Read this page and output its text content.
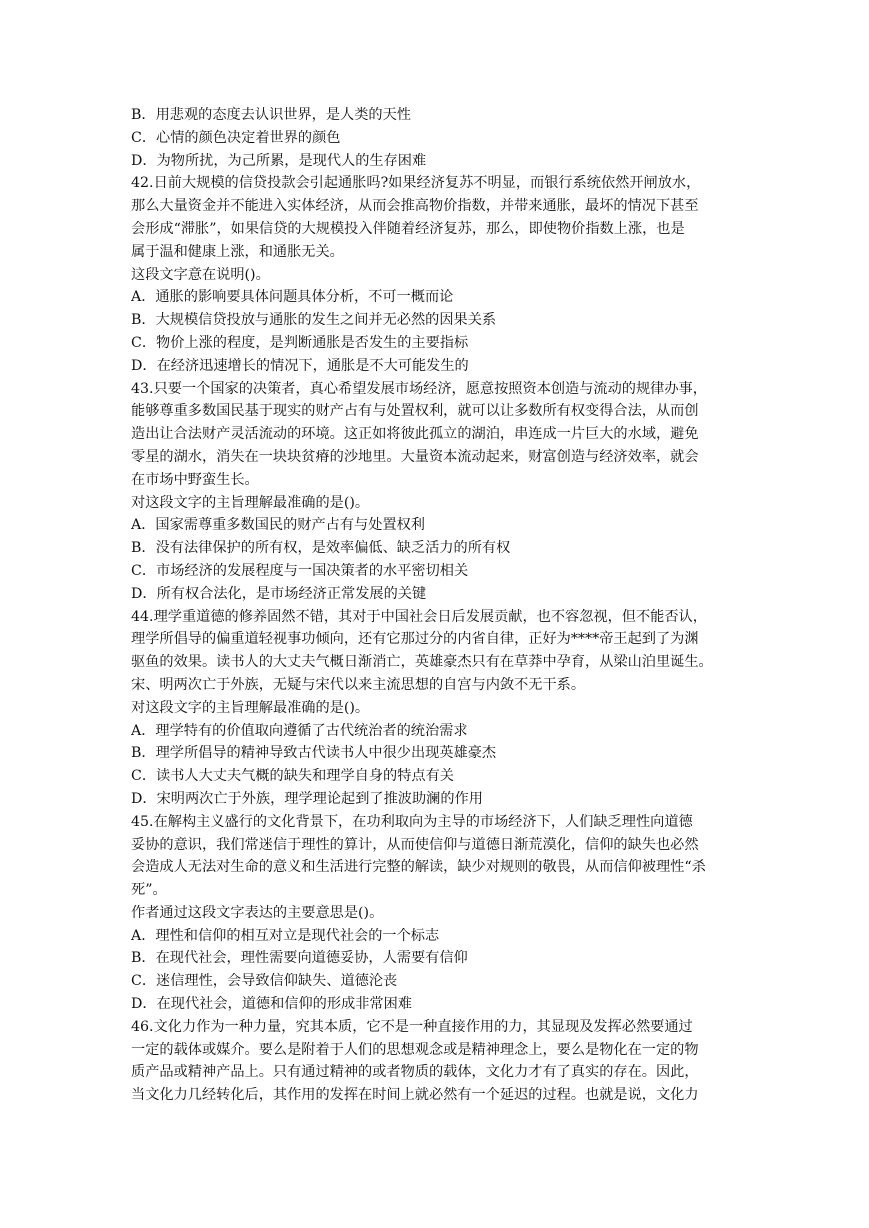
B．用悲观的态度去认识世界，是人类的天性
C．心情的颜色决定着世界的颜色
D．为物所扰，为己所累，是现代人的生存困难
42.日前大规模的信贷投款会引起通胀吗?如果经济复苏不明显，而银行系统依然开闸放水，
那么大量资金并不能进入实体经济，从而会推高物价指数，并带来通胀，最坏的情况下甚至
会形成“滞胀”，如果信贷的大规模投入伴随着经济复苏，那么，即使物价指数上涨，也是
属于温和健康上涨，和通胀无关。
这段文字意在说明()。
A．通胀的影响要具体问题具体分析，不可一概而论
B．大规模信贷投放与通胀的发生之间并无必然的因果关系
C．物价上涨的程度，是判断通胀是否发生的主要指标
D．在经济迅速增长的情况下，通胀是不大可能发生的
43.只要一个国家的决策者，真心希望发展市场经济，愿意按照资本创造与流动的规律办事，
能够尊重多数国民基于现实的财产占有与处置权利，就可以让多数所有权变得合法，从而创
造出让合法财产灵活流动的环境。这正如将彼此孤立的湖泊，串连成一片巨大的水域，避免
零星的湖水，消失在一块块贫瘠的沙地里。大量资本流动起来，财富创造与经济效率，就会
在市场中野蛮生长。
对这段文字的主旨理解最准确的是()。
A．国家需尊重多数国民的财产占有与处置权利
B．没有法律保护的所有权，是效率偏低、缺乏活力的所有权
C．市场经济的发展程度与一国决策者的水平密切相关
D．所有权合法化，是市场经济正常发展的关键
44.理学重道德的修养固然不错，其对于中国社会日后发展贡献，也不容忽视，但不能否认，
理学所倡导的偏重道轻视事功倾向，还有它那过分的内省自律，正好为****帝王起到了为渊
驱鱼的效果。读书人的大丈夫气概日渐消亡，英雄豪杰只有在草莽中孕育，从梁山泊里诞生。
宋、明两次亡于外族，无疑与宋代以来主流思想的自宫与内敛不无干系。
对这段文字的主旨理解最准确的是()。
A．理学特有的价值取向遵循了古代统治者的统治需求
B．理学所倡导的精神导致古代读书人中很少出现英雄豪杰
C．读书人大丈夫气概的缺失和理学自身的特点有关
D．宋明两次亡于外族，理学理论起到了推波助澜的作用
45.在解构主义盛行的文化背景下，在功利取向为主导的市场经济下，人们缺乏理性向道德
妥协的意识，我们常迷信于理性的算计，从而使信仰与道德日渐荒漠化，信仰的缺失也必然
会造成人无法对生命的意义和生活进行完整的解读，缺少对规则的敬畏，从而信仰被理性“杀
死”。
作者通过这段文字表达的主要意思是()。
A．理性和信仰的相互对立是现代社会的一个标志
B．在现代社会，理性需要向道德妥协，人需要有信仰
C．迷信理性，会导致信仰缺失、道德沦丧
D．在现代社会，道德和信仰的形成非常困难
46.文化力作为一种力量，究其本质，它不是一种直接作用的力，其显现及发挥必然要通过
一定的载体或媒介。要么是附着于人们的思想观念或是精神理念上，要么是物化在一定的物
质产品或精神产品上。只有通过精神的或者物质的载体，文化力才有了真实的存在。因此，
当文化力几经转化后，其作用的发挥在时间上就必然有一个延迟的过程。也就是说，文化力
